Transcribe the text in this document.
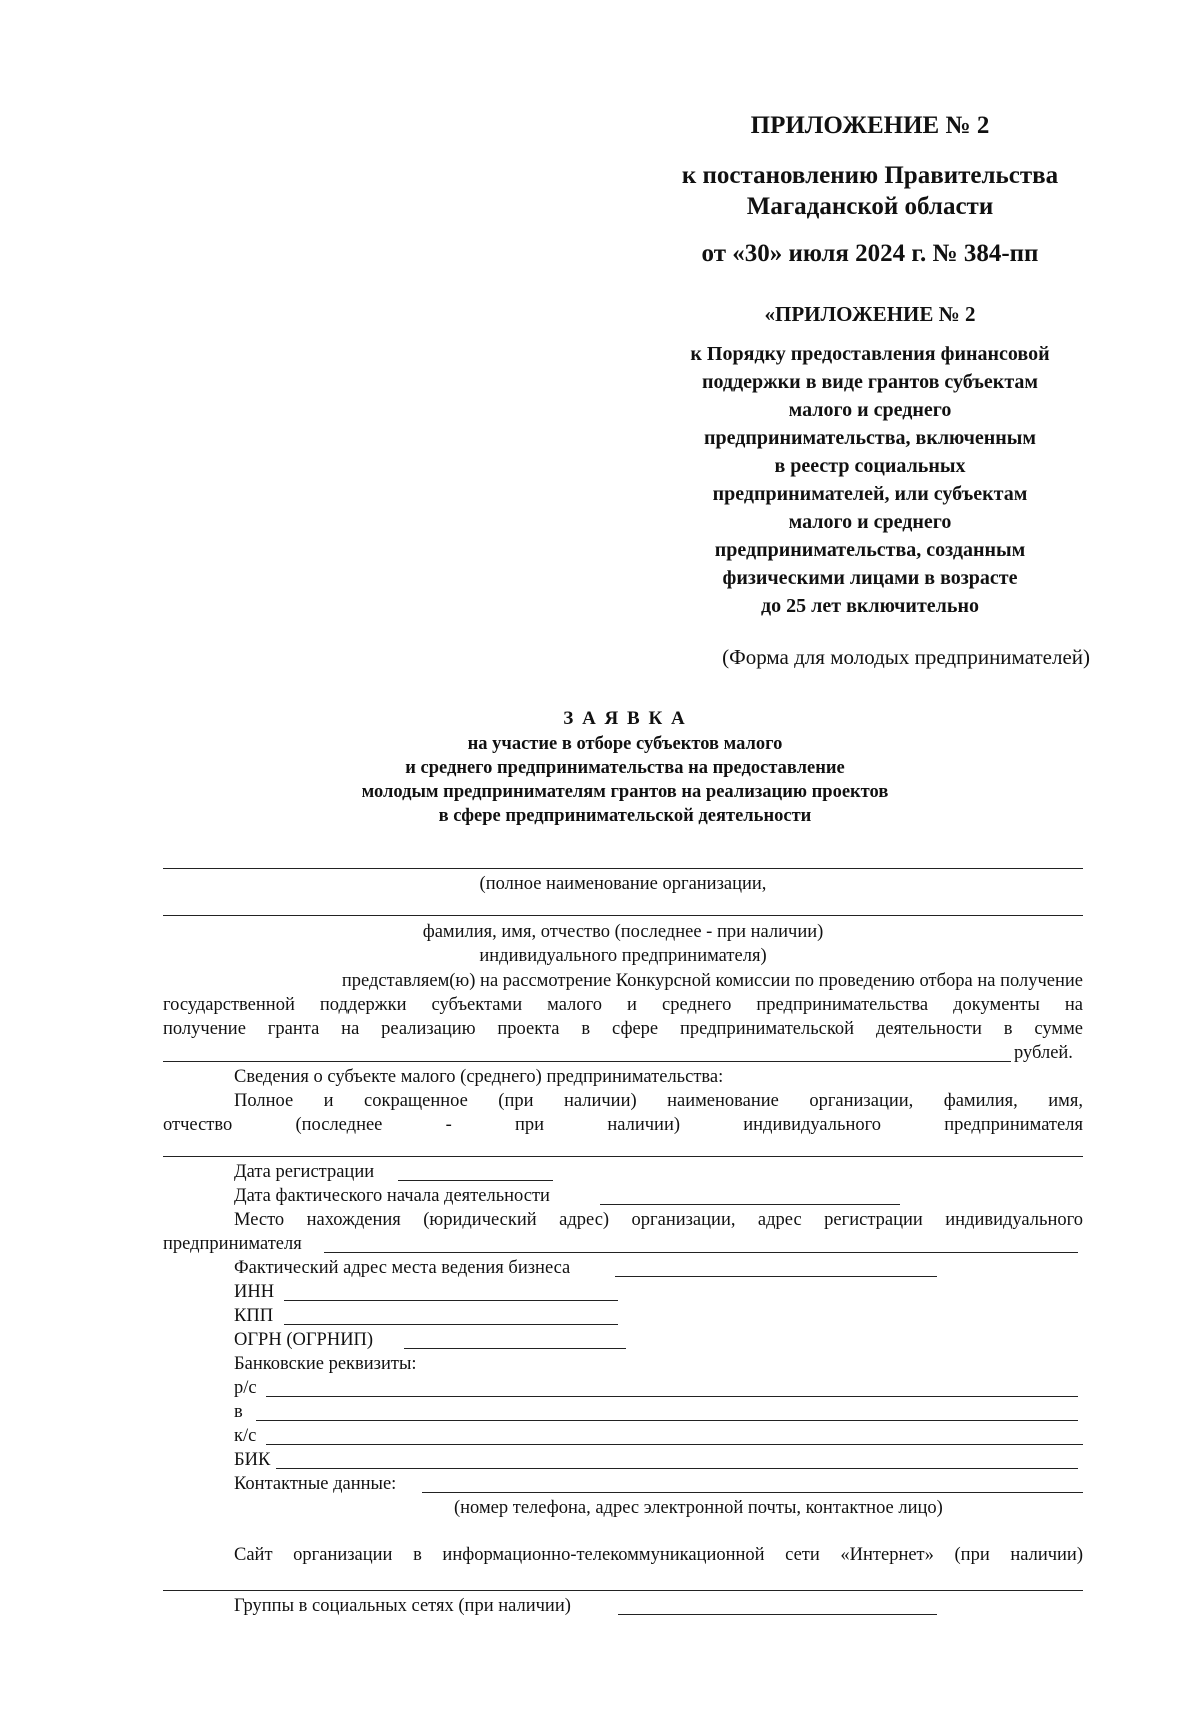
ПРИЛОЖЕНИЕ № 2
к постановлению Правительства
Магаданской области
от «30» июля 2024 г. № 384-пп
«ПРИЛОЖЕНИЕ № 2
к Порядку предоставления финансовой
поддержки в виде грантов субъектам
малого и среднего
предпринимательства, включенным
в реестр социальных
предпринимателей, или субъектам
малого и среднего
предпринимательства, созданным
физическими лицами в возрасте
до 25 лет включительно
(Форма для молодых предпринимателей)
З А Я В К А
на участие в отборе субъектов малого
и среднего предпринимательства на предоставление
молодым предпринимателям грантов на реализацию проектов
в сфере предпринимательской деятельности
(полное наименование организации,
фамилия, имя, отчество (последнее - при наличии)
индивидуального предпринимателя)
представляем(ю) на рассмотрение Конкурсной комиссии по проведению отбора на получение
государственной поддержки субъектами малого и среднего предпринимательства документы на
получение гранта на реализацию проекта в сфере предпринимательской деятельности в сумме
рублей.
Сведения о субъекте малого (среднего) предпринимательства:
Полное и сокращенное (при наличии) наименование организации, фамилия, имя,
отчество	(последнее	-	при	наличии)	индивидуального	предпринимателя
Дата регистрации
Дата фактического начала деятельности
Место нахождения (юридический адрес) организации, адрес регистрации индивидуального
предпринимателя
Фактический адрес места ведения бизнеса
ИНН
КПП
ОГРН (ОГРНИП)
Банковские реквизиты:
р/с
в
к/с
БИК
Контактные данные:
(номер телефона, адрес электронной почты, контактное лицо)
Сайт организации в информационно-телекоммуникационной сети «Интернет» (при наличии)
Группы в социальных сетях (при наличии)
